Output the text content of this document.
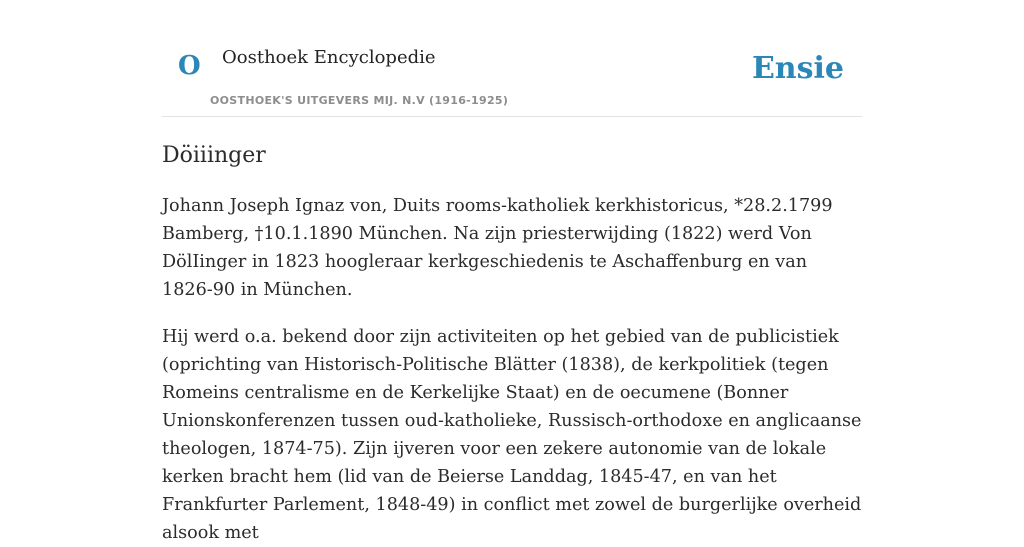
O Oosthoek Encyclopedie
OOSTHOEK'S UITGEVERS MIJ. N.V (1916-1925)
Ensie
Döiiinger

Johann Joseph Ignaz von, Duits rooms-katholiek kerkhistoricus, *28.2.1799 Bamberg, †10.1.1890 München. Na zijn priesterwijding (1822) werd Von DölIinger in 1823 hoogleraar kerkgeschiedenis te Aschaffenburg en van 1826-90 in München.

Hij werd o.a. bekend door zijn activiteiten op het gebied van de publicistiek (oprichting van Historisch-Politische Blätter (1838), de kerkpolitiek (tegen Romeins centralisme en de Kerkelijke Staat) en de oecumene (Bonner Unionskonferenzen tussen oud-katholieke, Russisch-orthodoxe en anglicaanse theologen, 1874-75). Zijn ijveren voor een zekere autonomie van de lokale kerken bracht hem (lid van de Beierse Landdag, 1845-47, en van het Frankfurter Parlement, 1848-49) in conflict met zowel de burgerlijke overheid alsook met
